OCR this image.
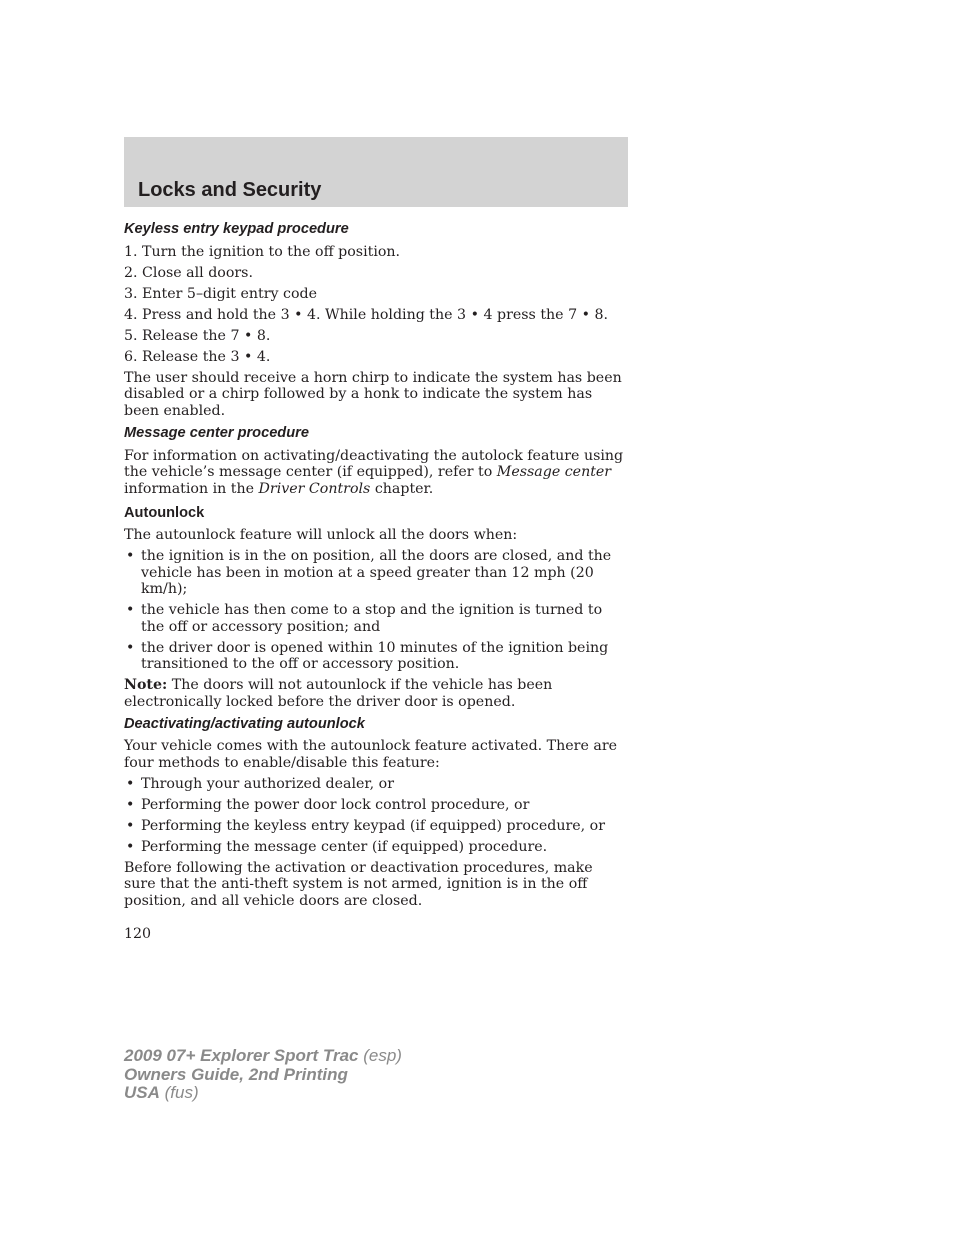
Locks and Security
Keyless entry keypad procedure
1. Turn the ignition to the off position.
2. Close all doors.
3. Enter 5–digit entry code
4. Press and hold the 3 • 4. While holding the 3 • 4 press the 7 • 8.
5. Release the 7 • 8.
6. Release the 3 • 4.

The user should receive a horn chirp to indicate the system has been disabled or a chirp followed by a honk to indicate the system has been enabled.

Message center procedure

For information on activating/deactivating the autolock feature using the vehicle’s message center (if equipped), refer to Message center information in the Driver Controls chapter.

Autounlock

The autounlock feature will unlock all the doors when:

• the ignition is in the on position, all the doors are closed, and the vehicle has been in motion at a speed greater than 12 mph (20 km/h);
• the vehicle has then come to a stop and the ignition is turned to the off or accessory position; and
• the driver door is opened within 10 minutes of the ignition being transitioned to the off or accessory position.

Note: The doors will not autounlock if the vehicle has been electronically locked before the driver door is opened.

Deactivating/activating autounlock

Your vehicle comes with the autounlock feature activated. There are four methods to enable/disable this feature:

• Through your authorized dealer, or
• Performing the power door lock control procedure, or
• Performing the keyless entry keypad (if equipped) procedure, or
• Performing the message center (if equipped) procedure.

Before following the activation or deactivation procedures, make sure that the anti-theft system is not armed, ignition is in the off position, and all vehicle doors are closed.

120
2009 07+ Explorer Sport Trac (esp)
Owners Guide, 2nd Printing
USA (fus)
